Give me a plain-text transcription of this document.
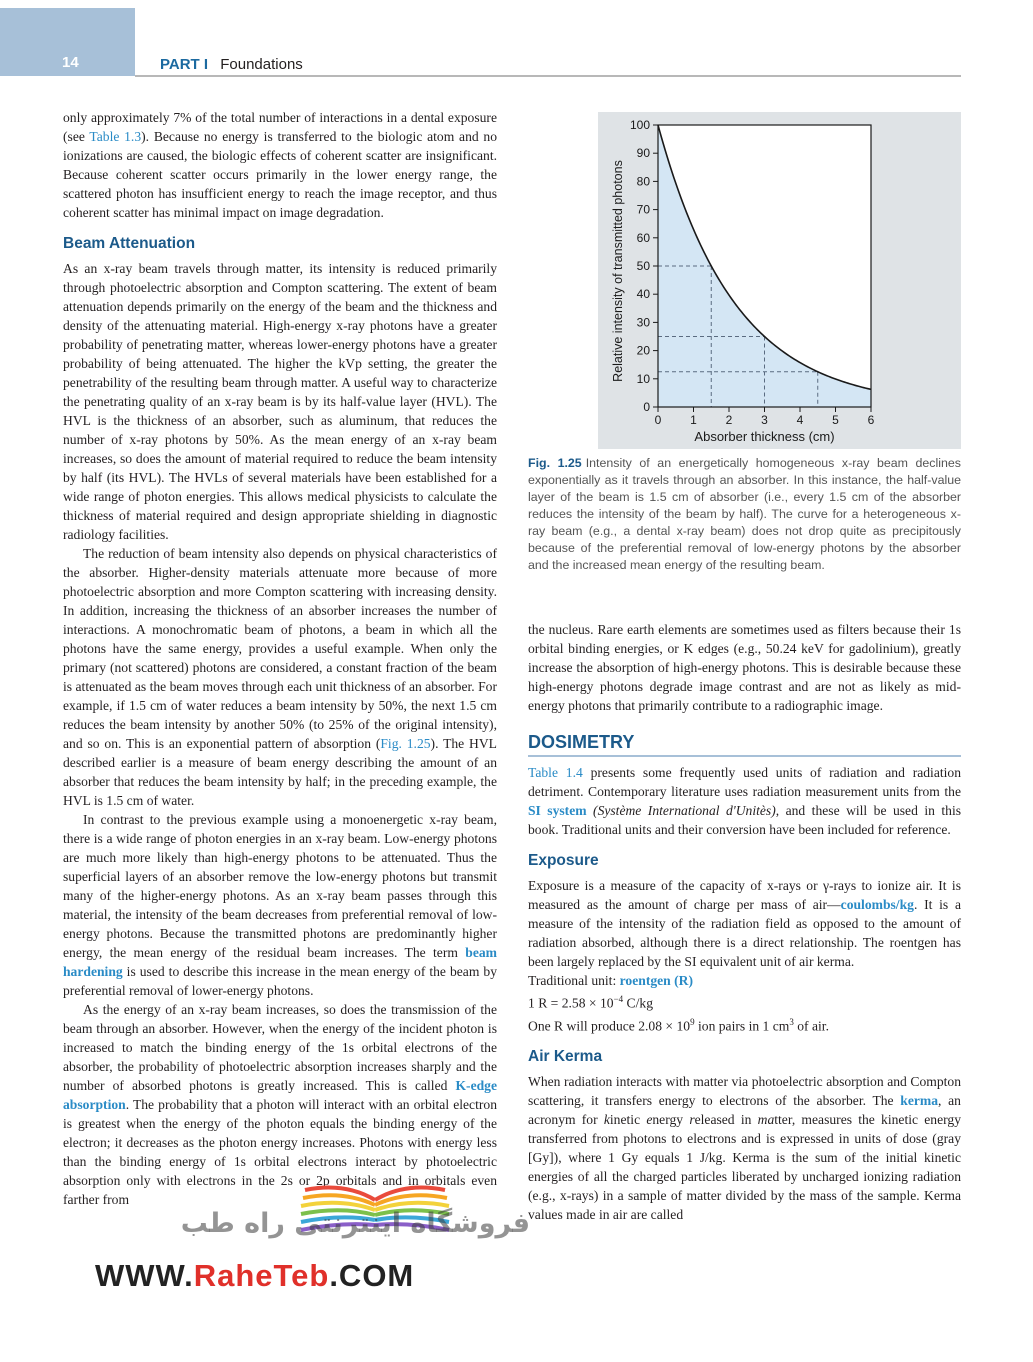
14	PART I Foundations

only approximately 7% of the total number of interactions in a dental exposure (see Table 1.3). Because no energy is transferred to the biologic atom and no ionizations are caused, the biologic effects of coherent scatter are insignificant. Because coherent scatter occurs primarily in the lower energy range, the scattered photon has insufficient energy to reach the image receptor, and thus coherent scatter has minimal impact on image degradation.

Beam Attenuation

As an x-ray beam travels through matter, its intensity is reduced primarily through photoelectric absorption and Compton scattering. The extent of beam attenuation depends primarily on the energy of the beam and the thickness and density of the attenuating material. High-energy x-ray photons have a greater probability of penetrating matter, whereas lower-energy photons have a greater probability of being attenuated. The higher the kVp setting, the greater the penetrability of the resulting beam through matter. A useful way to characterize the penetrating quality of an x-ray beam is by its half-value layer (HVL). The HVL is the thickness of an absorber, such as aluminum, that reduces the number of x-ray photons by 50%. As the mean energy of an x-ray beam increases, so does the amount of material required to reduce the beam intensity by half (its HVL). The HVLs of several materials have been established for a wide range of photon energies. This allows medical physicists to calculate the thickness of material required and design appropriate shielding in diagnostic radiology facilities.

The reduction of beam intensity also depends on physical characteristics of the absorber. Higher-density materials attenuate more because of more photoelectric absorption and more Compton scattering with increasing density. In addition, increasing the thickness of an absorber increases the number of interactions. A monochromatic beam of photons, a beam in which all the photons have the same energy, provides a useful example. When only the primary (not scattered) photons are considered, a constant fraction of the beam is attenuated as the beam moves through each unit thickness of an absorber. For example, if 1.5 cm of water reduces a beam intensity by 50%, the next 1.5 cm reduces the beam intensity by another 50% (to 25% of the original intensity), and so on. This is an exponential pattern of absorption (Fig. 1.25). The HVL described earlier is a measure of beam energy describing the amount of an absorber that reduces the beam intensity by half; in the preceding example, the HVL is 1.5 cm of water.

In contrast to the previous example using a monoenergetic x-ray beam, there is a wide range of photon energies in an x-ray beam. Low-energy photons are much more likely than high-energy photons to be attenuated. Thus the superficial layers of an absorber remove the low-energy photons but transmit many of the higher-energy photons. As an x-ray beam passes through this material, the intensity of the beam decreases from preferential removal of low-energy photons. Because the transmitted photons are predominantly higher energy, the mean energy of the residual beam increases. The term beam hardening is used to describe this increase in the mean energy of the beam by preferential removal of lower-energy photons.

As the energy of an x-ray beam increases, so does the transmission of the beam through an absorber. However, when the energy of the incident photon is increased to match the binding energy of the 1s orbital electrons of the absorber, the probability of photoelectric absorption increases sharply and the number of absorbed photons is greatly increased. This is called K-edge absorption. The probability that a photon will interact with an orbital electron is greatest when the energy of the photon equals the binding energy of the electron; it decreases as the photon energy increases. Photons with energy less than the binding energy of 1s orbital electrons interact by photoelectric absorption only with electrons in the 2s or 2p orbitals and in orbitals even farther from

0
10
20
30
40
50
60
70
80
90
100
0 1 2 3 4 5 6
Absorber thickness (cm)
Relative intensity of transmitted photons
Fig. 1.25 Intensity of an energetically homogeneous x-ray beam declines exponentially as it travels through an absorber. In this instance, the half-value layer of the beam is 1.5 cm of absorber (i.e., every 1.5 cm of the absorber reduces the intensity of the beam by half). The curve for a heterogeneous x-ray beam (e.g., a dental x-ray beam) does not drop quite as precipitously because of the preferential removal of low-energy photons by the absorber and the increased mean energy of the resulting beam.

the nucleus. Rare earth elements are sometimes used as filters because their 1s orbital binding energies, or K edges (e.g., 50.24 keV for gadolinium), greatly increase the absorption of high-energy photons. This is desirable because these high-energy photons degrade image contrast and are not as likely as mid-energy photons that primarily contribute to a radiographic image.

DOSIMETRY

Table 1.4 presents some frequently used units of radiation and radiation detriment. Contemporary literature uses radiation measurement units from the SI system (Système International d'Unitès), and these will be used in this book. Traditional units and their conversion have been included for reference.

Exposure

Exposure is a measure of the capacity of x-rays or γ-rays to ionize air. It is measured as the amount of charge per mass of air—coulombs/kg. It is a measure of the intensity of the radiation field as opposed to the amount of radiation absorbed, although there is a direct relationship. The roentgen has been largely replaced by the SI equivalent unit of air kerma.

Traditional unit: roentgen (R)

1 $R = 2.58 \times 10^{-4}$ C/kg

One R will produce $2.08 \times 10^9$ ion pairs in 1 $cm^3$ of air.

Air Kerma

When radiation interacts with matter via photoelectric absorption and Compton scattering, it transfers energy to electrons of the absorber. The kerma, an acronym for kinetic energy released in matter, measures the kinetic energy transferred from photons to electrons and is expressed in units of dose (gray [Gy]), where 1 Gy equals 1 J/kg. Kerma is the sum of the initial kinetic energies of all the charged particles liberated by uncharged ionizing radiation (e.g., x-rays) in a sample of matter divided by the mass of the sample. Kerma values made in air are called

فروشگاه اینترنتی راه طب
WWW.RaheTeb.COM
